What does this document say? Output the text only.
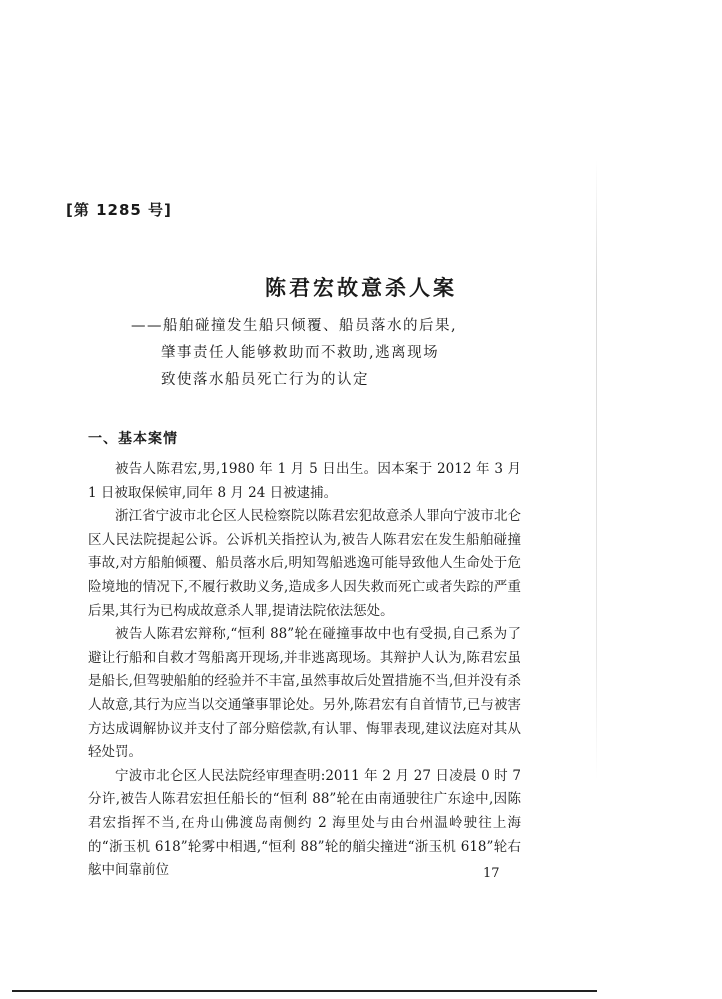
[第 1285 号]
陈君宏故意杀人案
——船舶碰撞发生船只倾覆、船员落水的后果,
肇事责任人能够救助而不救助,逃离现场
致使落水船员死亡行为的认定
一、基本案情

被告人陈君宏,男,1980 年 1 月 5 日出生。因本案于 2012 年 3 月 1 日被取保候审,同年 8 月 24 日被逮捕。

浙江省宁波市北仑区人民检察院以陈君宏犯故意杀人罪向宁波市北仑区人民法院提起公诉。公诉机关指控认为,被告人陈君宏在发生船舶碰撞事故,对方船舶倾覆、船员落水后,明知驾船逃逸可能导致他人生命处于危险境地的情况下,不履行救助义务,造成多人因失救而死亡或者失踪的严重后果,其行为已构成故意杀人罪,提请法院依法惩处。

被告人陈君宏辩称,“恒利 88”轮在碰撞事故中也有受损,自己系为了避让行船和自救才驾船离开现场,并非逃离现场。其辩护人认为,陈君宏虽是船长,但驾驶船舶的经验并不丰富,虽然事故后处置措施不当,但并没有杀人故意,其行为应当以交通肇事罪论处。另外,陈君宏有自首情节,已与被害方达成调解协议并支付了部分赔偿款,有认罪、悔罪表现,建议法庭对其从轻处罚。

宁波市北仑区人民法院经审理查明:2011 年 2 月 27 日凌晨 0 时 7 分许,被告人陈君宏担任船长的“恒利 88”轮在由南通驶往广东途中,因陈君宏指挥不当,在舟山佛渡岛南侧约 2 海里处与由台州温岭驶往上海的“浙玉机 618”轮雾中相遇,“恒利 88”轮的艏尖撞进“浙玉机 618”轮右舷中间靠前位	17
